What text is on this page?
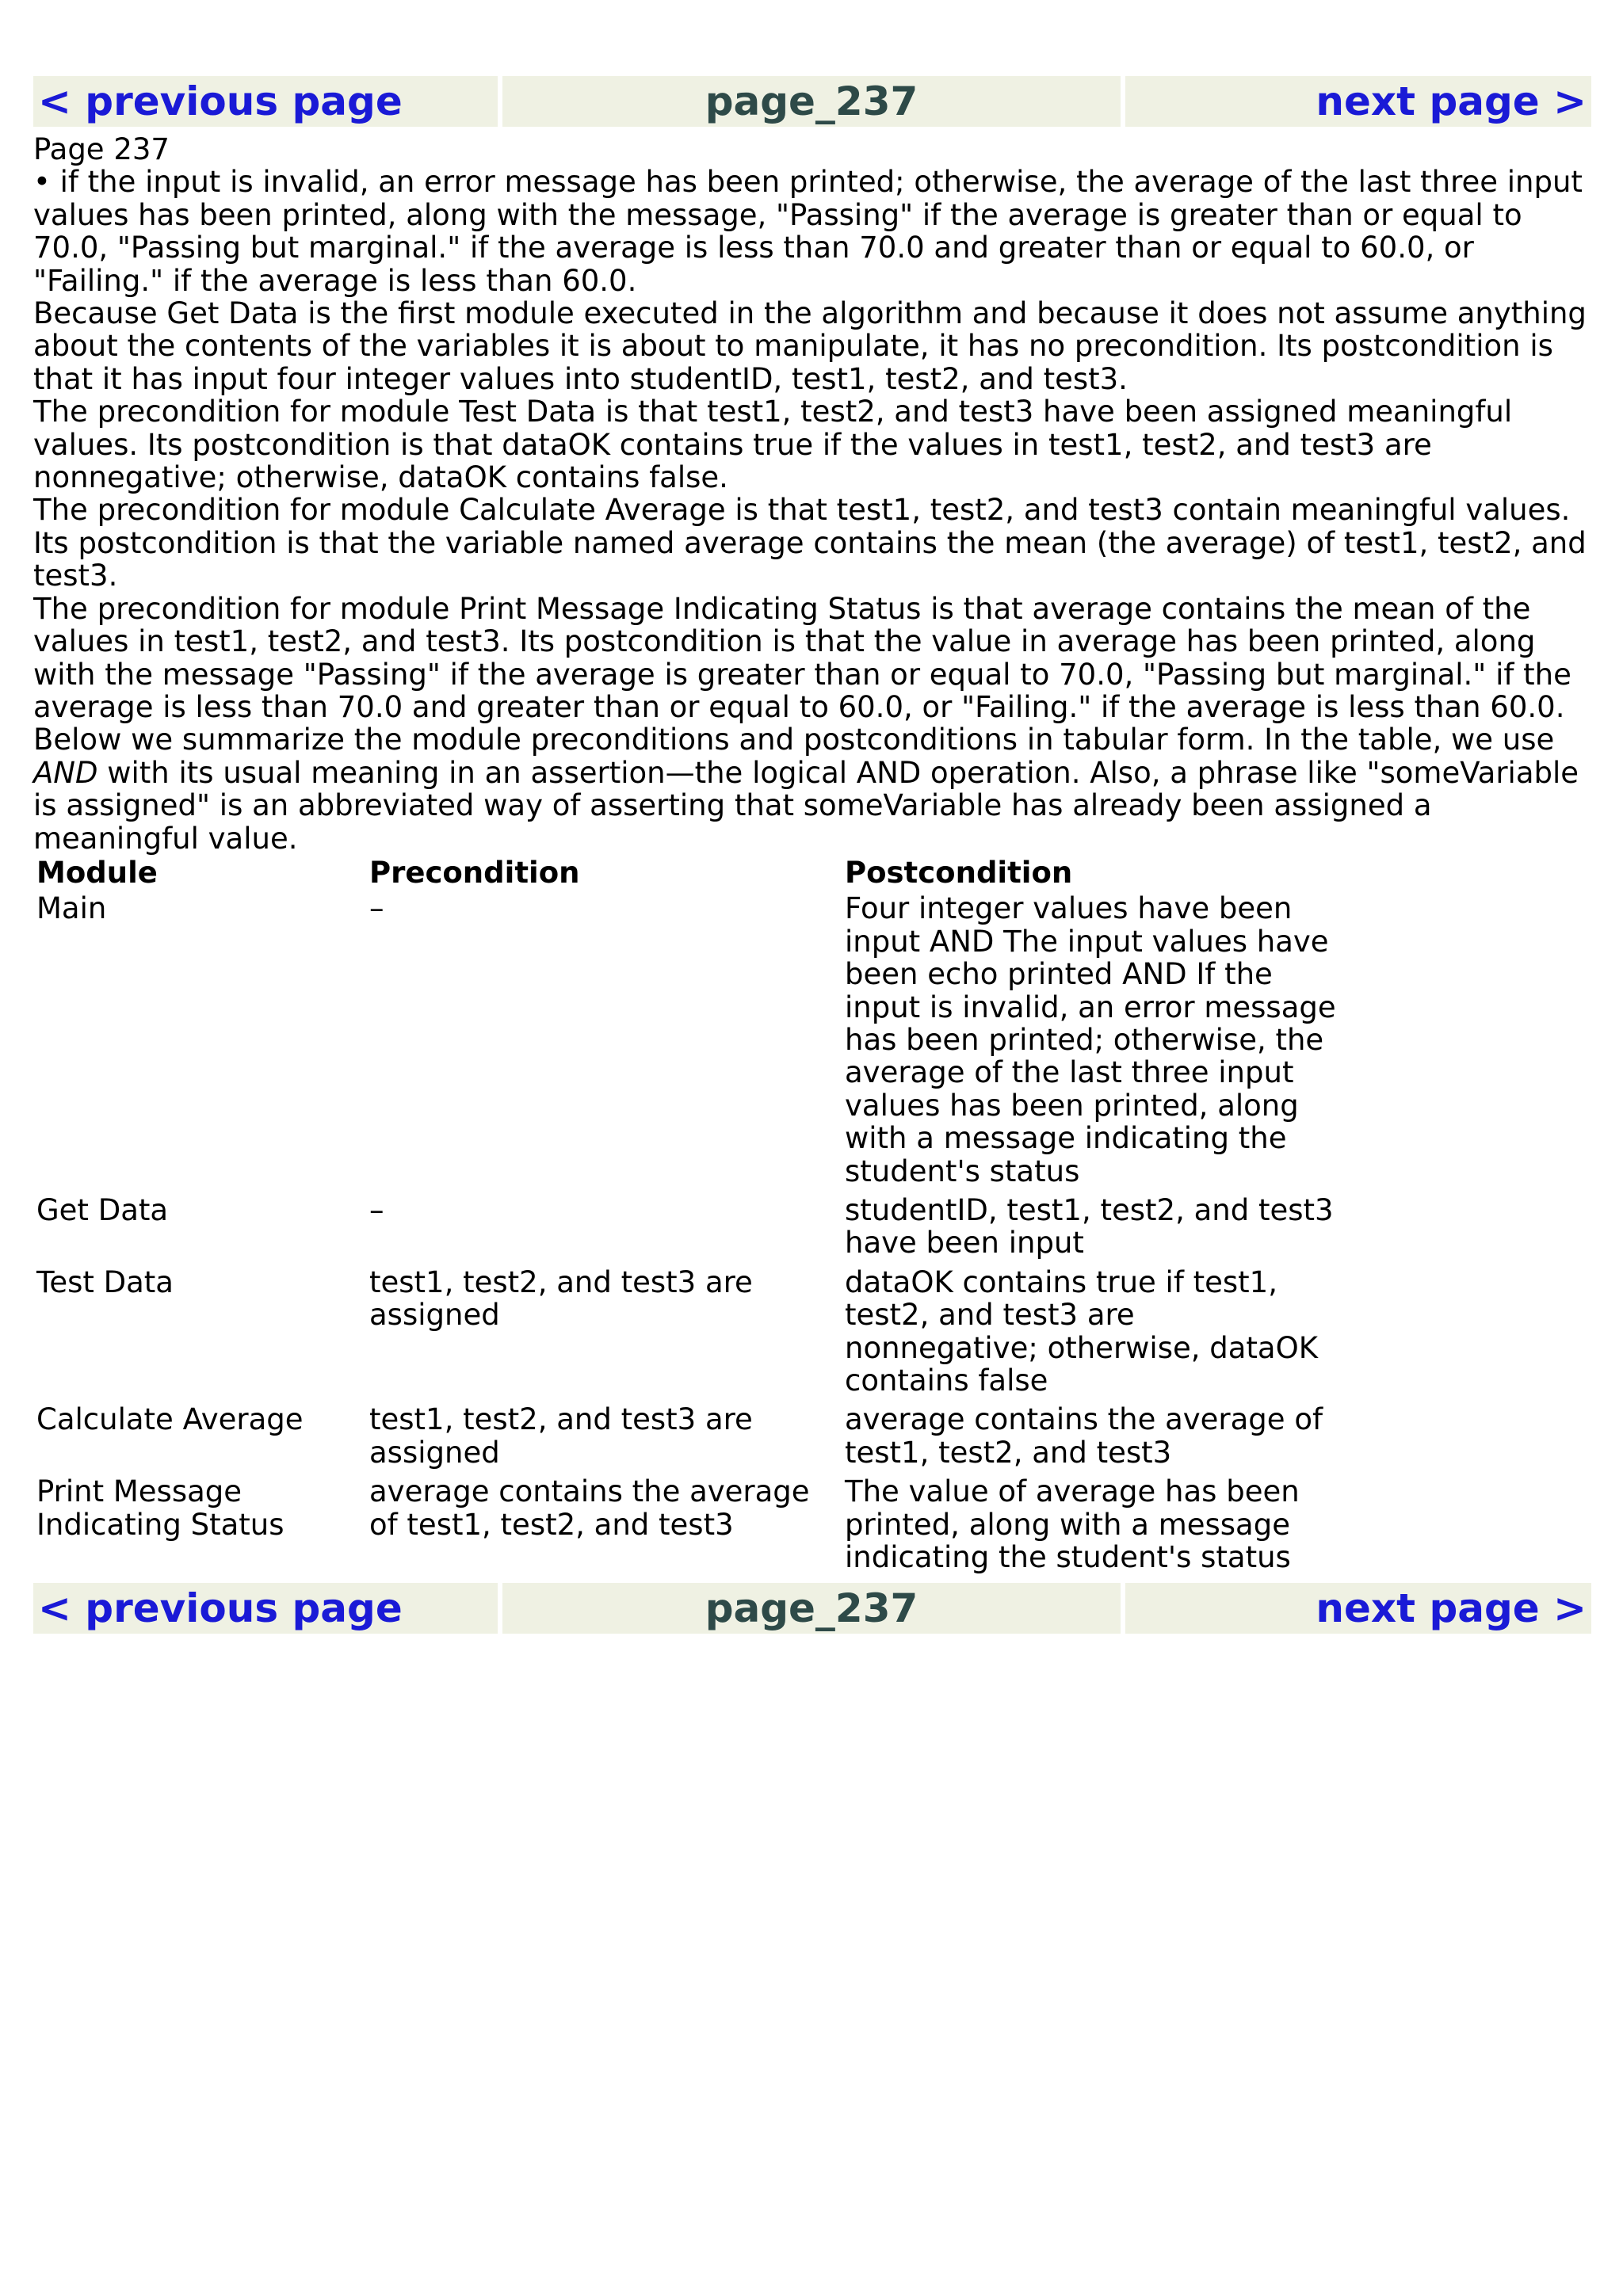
< previous page	page_237	next page >

Page 237

• if the input is invalid, an error message has been printed; otherwise, the average of the last three input values has been printed, along with the message, "Passing" if the average is greater than or equal to 70.0, "Passing but marginal." if the average is less than 70.0 and greater than or equal to 60.0, or "Failing." if the average is less than 60.0.

Because Get Data is the first module executed in the algorithm and because it does not assume anything about the contents of the variables it is about to manipulate, it has no precondition. Its postcondition is that it has input four integer values into studentID, test1, test2, and test3.

The precondition for module Test Data is that test1, test2, and test3 have been assigned meaningful values. Its postcondition is that dataOK contains true if the values in test1, test2, and test3 are nonnegative; otherwise, dataOK contains false.

The precondition for module Calculate Average is that test1, test2, and test3 contain meaningful values. Its postcondition is that the variable named average contains the mean (the average) of test1, test2, and test3.

The precondition for module Print Message Indicating Status is that average contains the mean of the values in test1, test2, and test3. Its postcondition is that the value in average has been printed, along with the message "Passing" if the average is greater than or equal to 70.0, "Passing but marginal." if the average is less than 70.0 and greater than or equal to 60.0, or "Failing." if the average is less than 60.0.

Below we summarize the module preconditions and postconditions in tabular form. In the table, we use AND with its usual meaning in an assertion—the logical AND operation. Also, a phrase like "someVariable is assigned" is an abbreviated way of asserting that someVariable has already been assigned a meaningful value.

Module	Precondition	Postcondition
Main	–	Four integer values have been input AND The input values have been echo printed AND If the input is invalid, an error message has been printed; otherwise, the average of the last three input values has been printed, along with a message indicating the student's status
Get Data	–	studentID, test1, test2, and test3 have been input
Test Data	test1, test2, and test3 are assigned	dataOK contains true if test1, test2, and test3 are nonnegative; otherwise, dataOK contains false
Calculate Average	test1, test2, and test3 are assigned	average contains the average of test1, test2, and test3
Print Message Indicating Status	average contains the average of test1, test2, and test3	The value of average has been printed, along with a message indicating the student's status
< previous page	page_237	next page >
